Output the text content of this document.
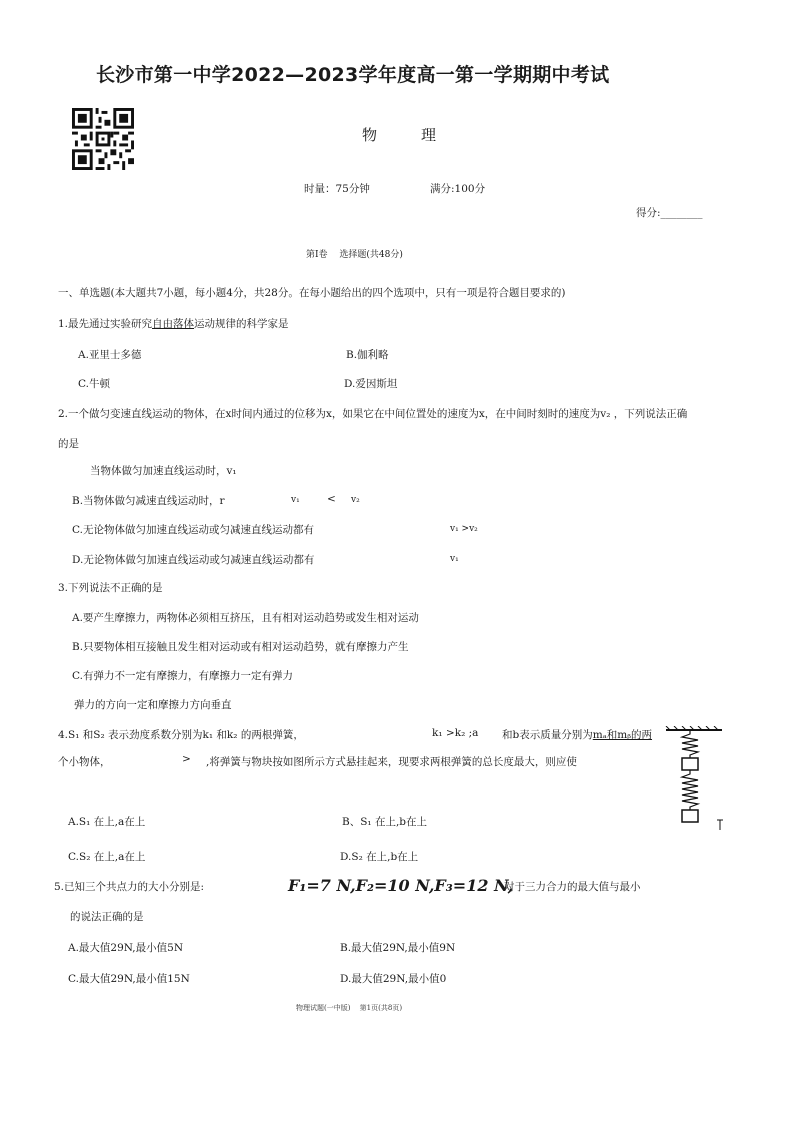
长沙市第一中学2022—2023学年度高一第一学期期中考试
物理
时量：75分钟	满分:100分
得分:________
第Ⅰ卷　 选择题(共48分)
一、单选题(本大题共7小题，每小题4分，共28分。在每小题给出的四个选项中，只有一项是符合题目要求的)
1.最先通过实验研究自由落体运动规律的科学家是
A.亚里士多德	B.伽利略
C.牛顿	D.爱因斯坦
2.一个做匀变速直线运动的物体，在x时间内通过的位移为x，如果它在中间位置处的速度为x，在中间时刻时的速度为v₂ ，下列说法正确
的是
当物体做匀加速直线运动时，v₁
B.当物体做匀减速直线运动时，r	v₁	< v₂
C.无论物体做匀加速直线运动或匀减速直线运动都有	v₁ >v₂
D.无论物体做匀加速直线运动或匀减速直线运动都有	v₁
3.下列说法不正确的是
A.要产生摩擦力，两物体必须相互挤压，且有相对运动趋势或发生相对运动
B.只要物体相互接触且发生相对运动或有相对运动趋势，就有摩擦力产生
C.有弹力不一定有摩擦力，有摩擦力一定有弹力
弹力的方向一定和摩擦力方向垂直
4.S₁ 和S₂ 表示劲度系数分别为k₁ 和k₂ 的两根弹簧，	k₁ >k₂ ;a 和b表示质量分别为mₐ和mᵦ的两
个小物体，	> ,将弹簧与物块按如图所示方式悬挂起来，现要求两根弹簧的总长度最大，则应使
A.S₁ 在上,a在上	B、S₁ 在上,b在上
C.S₂ 在上,a在上	D.S₂ 在上,b在上
5.已知三个共点力的大小分别是:	F₁=7 N,F₂=10 N,F₃=12 N,
对于三力合力的最大值与最小
的说法正确的是
A.最大值29N,最小值5N	B.最大值29N,最小值9N
C.最大值29N,最小值15N	D.最大值29N,最小值0
物理试题(一中版)　 第1页(共8页)
